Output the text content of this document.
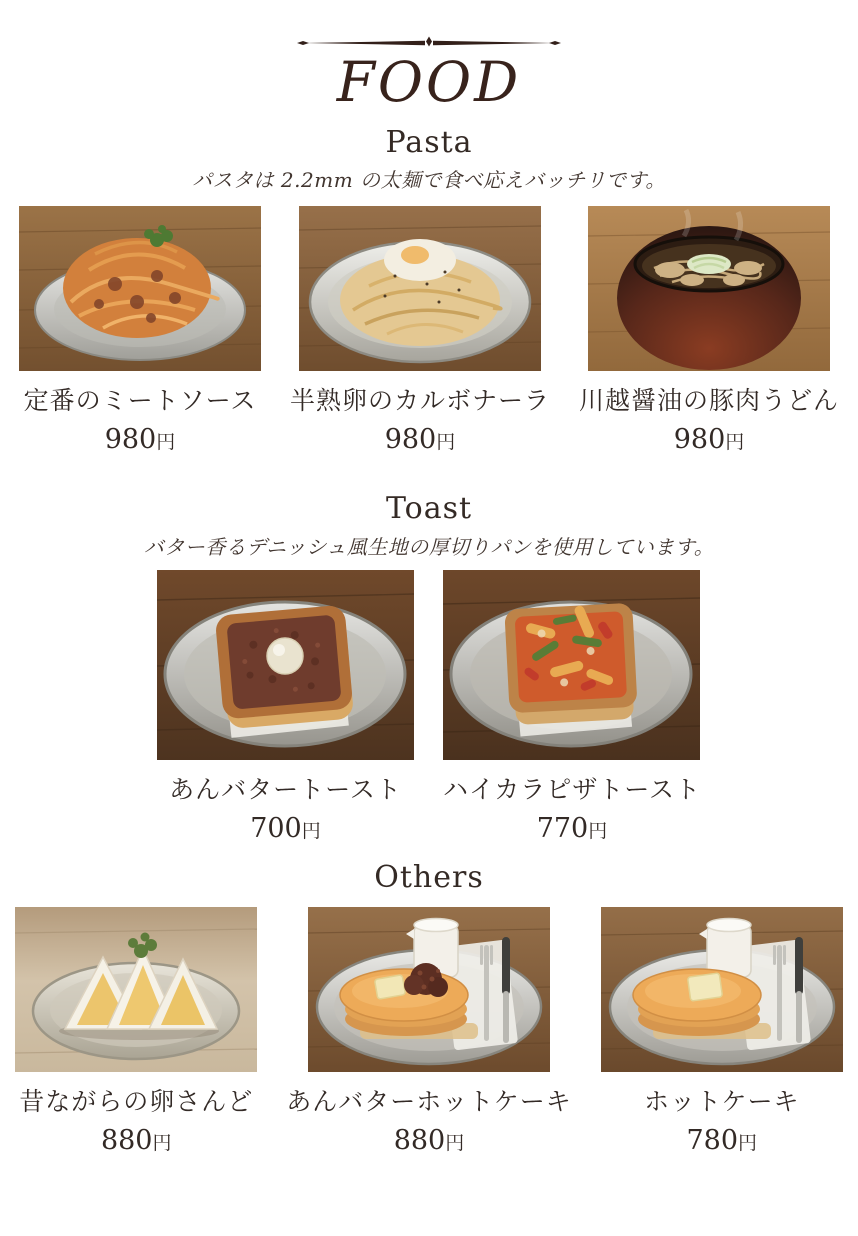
FOOD
Pasta

パスタは 2.2mm の太麺で食べ応えバッチリです。

定番のミートソース
980円
半熟卵のカルボナーラ
980円
川越醤油の豚肉うどん
980円
Toast

バター香るデニッシュ風生地の厚切りパンを使用しています。

あんバタートースト
700円
ハイカラピザトースト
770円
Others
昔ながらの卵さんど
880円
あんバターホットケーキ
880円
ホットケーキ
780円
